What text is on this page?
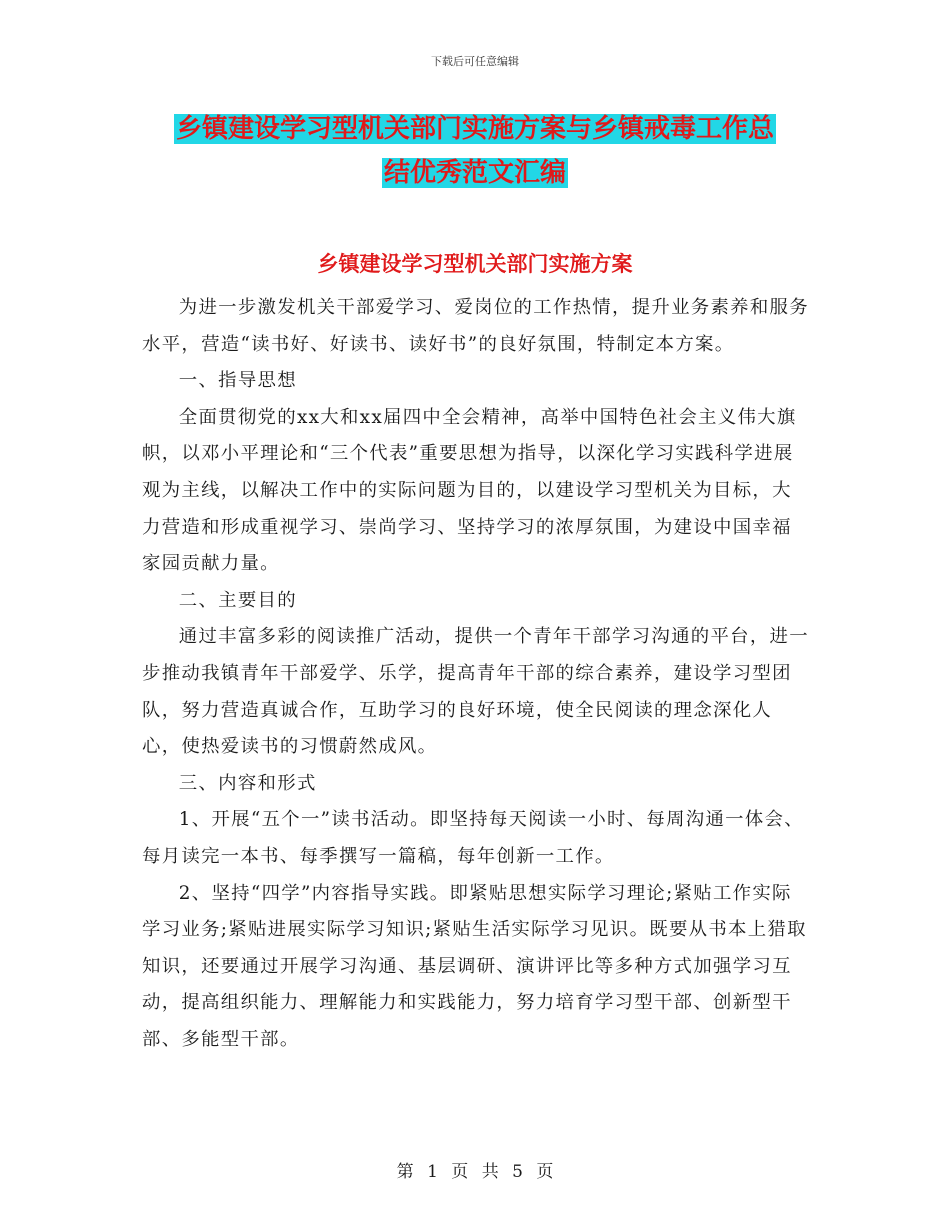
下载后可任意编辑
乡镇建设学习型机关部门实施方案与乡镇戒毒工作总
结优秀范文汇编
乡镇建设学习型机关部门实施方案

为进一步激发机关干部爱学习、爱岗位的工作热情，提升业务素养和服务水平，营造“读书好、好读书、读好书”的良好氛围，特制定本方案。

一、指导思想

全面贯彻党的xx大和xx届四中全会精神，高举中国特色社会主义伟大旗帜，以邓小平理论和“三个代表”重要思想为指导，以深化学习实践科学进展观为主线，以解决工作中的实际问题为目的，以建设学习型机关为目标，大力营造和形成重视学习、崇尚学习、坚持学习的浓厚氛围，为建设中国幸福家园贡献力量。

二、主要目的

通过丰富多彩的阅读推广活动，提供一个青年干部学习沟通的平台，进一步推动我镇青年干部爱学、乐学，提高青年干部的综合素养，建设学习型团队，努力营造真诚合作，互助学习的良好环境，使全民阅读的理念深化人心，使热爱读书的习惯蔚然成风。

三、内容和形式

1、开展“五个一”读书活动。即坚持每天阅读一小时、每周沟通一体会、每月读完一本书、每季撰写一篇稿，每年创新一工作。

2、坚持“四学”内容指导实践。即紧贴思想实际学习理论;紧贴工作实际学习业务;紧贴进展实际学习知识;紧贴生活实际学习见识。既要从书本上猎取知识，还要通过开展学习沟通、基层调研、演讲评比等多种方式加强学习互动，提高组织能力、理解能力和实践能力，努力培育学习型干部、创新型干部、多能型干部。

第 1 页 共 5 页
